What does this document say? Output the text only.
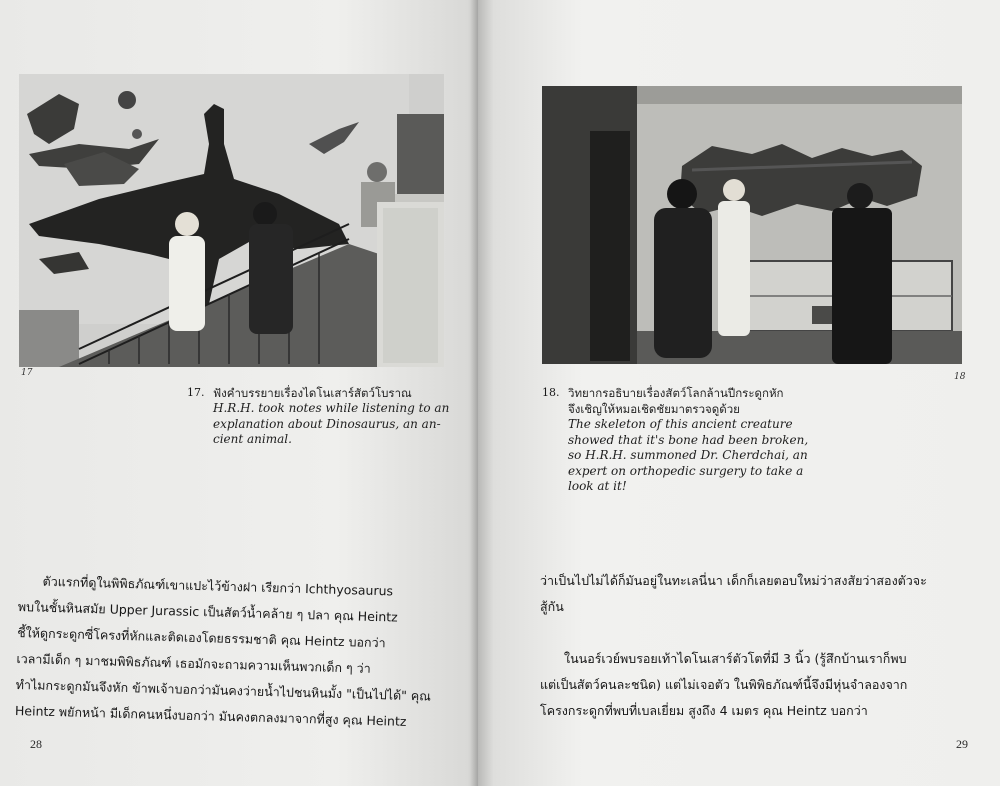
17
17. ฟังคำบรรยายเรื่องไดโนเสาร์สัตว์โบราณ
H.R.H. took notes while listening to an
explanation about Dinosaurus, an an-
cient animal.

ตัวแรกที่ดูในพิพิธภัณฑ์เขาแปะไว้ข้างฝา เรียกว่า Ichthyosaurus

พบในชั้นหินสมัย Upper Jurassic เป็นสัตว์น้ำคล้าย ๆ ปลา คุณ Heintz

ชี้ให้ดูกระดูกซี่โครงที่หักและติดเองโดยธรรมชาติ คุณ Heintz บอกว่า

เวลามีเด็ก ๆ มาชมพิพิธภัณฑ์ เธอมักจะถามความเห็นพวกเด็ก ๆ ว่า

ทำไมกระดูกมันจึงหัก ข้าพเจ้าบอกว่ามันคงว่ายน้ำไปชนหินมั้ง "เป็นไปได้" คุณ

Heintz พยักหน้า มีเด็กคนหนึ่งบอกว่า มันคงตกลงมาจากที่สูง คุณ Heintz

28
18
18. วิทยากรอธิบายเรื่องสัตว์โลกล้านปีกระดูกหัก
จึงเชิญให้หมอเชิดชัยมาตรวจดูด้วย
The skeleton of this ancient creature
showed that it's bone had been broken,
so H.R.H. summoned Dr. Cherdchai, an
expert on orthopedic surgery to take a
look at it!

ว่าเป็นไปไม่ได้ก็มันอยู่ในทะเลนี่นา เด็กก็เลยตอบใหม่ว่าสงสัยว่าสองตัวจะ

สู้กัน

ในนอร์เวย์พบรอยเท้าไดโนเสาร์ตัวโตที่มี 3 นิ้ว (รู้สึกบ้านเราก็พบ

แต่เป็นสัตว์คนละชนิด) แต่ไม่เจอตัว ในพิพิธภัณฑ์นี้จึงมีหุ่นจำลองจาก

โครงกระดูกที่พบที่เบลเยี่ยม สูงถึง 4 เมตร คุณ Heintz บอกว่า

29
